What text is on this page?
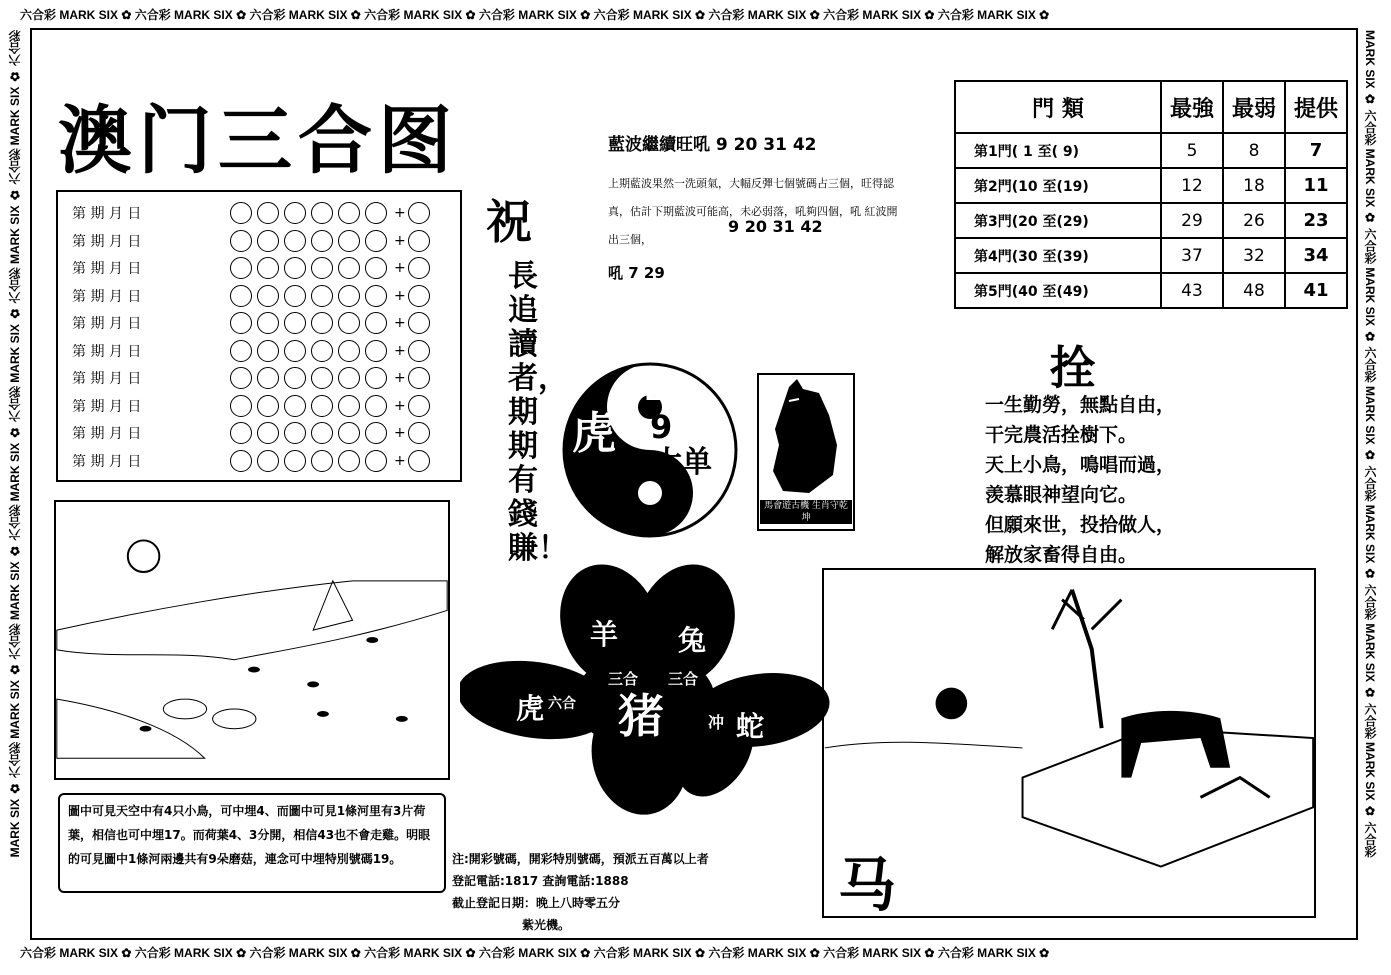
六合彩 MARK SIX ✿ 六合彩 MARK SIX ✿ 六合彩 MARK SIX ✿ 六合彩 MARK SIX ✿ 六合彩 MARK SIX ✿ 六合彩 MARK SIX ✿ 六合彩 MARK SIX ✿ 六合彩 MARK SIX ✿ 六合彩 MARK SIX ✿
六合彩 MARK SIX ✿ 六合彩 MARK SIX ✿ 六合彩 MARK SIX ✿ 六合彩 MARK SIX ✿ 六合彩 MARK SIX ✿ 六合彩 MARK SIX ✿ 六合彩 MARK SIX ✿ 六合彩 MARK SIX ✿ 六合彩 MARK SIX ✿
MARK SIX ✿ 六合彩 MARK SIX ✿ 六合彩 MARK SIX ✿ 六合彩 MARK SIX ✿ 六合彩 MARK SIX ✿ 六合彩 MARK SIX ✿ 六合彩 MARK SIX ✿ 六合彩	MARK SIX ✿ 六合彩 MARK SIX ✿ 六合彩 MARK SIX ✿ 六合彩 MARK SIX ✿ 六合彩 MARK SIX ✿ 六合彩 MARK SIX ✿ 六合彩 MARK SIX ✿ 六合彩
澳门三合图
第 期 月 日	+
第 期 月 日	+
第 期 月 日	+
第 期 月 日	+
第 期 月 日	+
第 期 月 日	+
第 期 月 日	+
第 期 月 日	+
第 期 月 日	+
第 期 月 日	+
祝
長追讀者，期期有錢賺！
藍波繼續旺吼 9 20 31 42
上期藍波果然一洗頭氣，大幅反彈七個號碼占三個，旺得認真，估計下期藍波可能高，未必弱落，吼夠四個，吼 紅波開出三個，
9 20 31 42
吼 7 29
門 類	最強	最弱	提供
第1門( 1 至( 9)	5	8	7
第2門(10 至(19)	12	18	11
第3門(20 至(29)	29	26	23
第4門(30 至(39)	37	32	34
第5門(40 至(49)	43	48	41
拴
一生勤勞，無點自由，
干完農活拴樹下。
天上小鳥，鳴唱而過，
羡慕眼神望向它。
但願來世，投拾做人，
解放家畜得自由。
虎
2
9
大单
馬會遊古機 生肖守乾坤
羊 兔
三合 三合
虎 六合 猪	冲 蛇
圖中可見天空中有4只小鳥，可中埋4、而圖中可見1條河里有3片荷葉，相信也可中埋17。而荷葉4、3分開，相信43也不會走雞。明眼的可見圖中1條河兩邊共有9朵磨菇，連念可中埋特別號碼19。	注:開彩號碼，開彩特別號碼，預派五百萬以上者
登記電話:1817 查詢電話:1888
截止登記日期：晚上八時零五分
紫光機。
马
